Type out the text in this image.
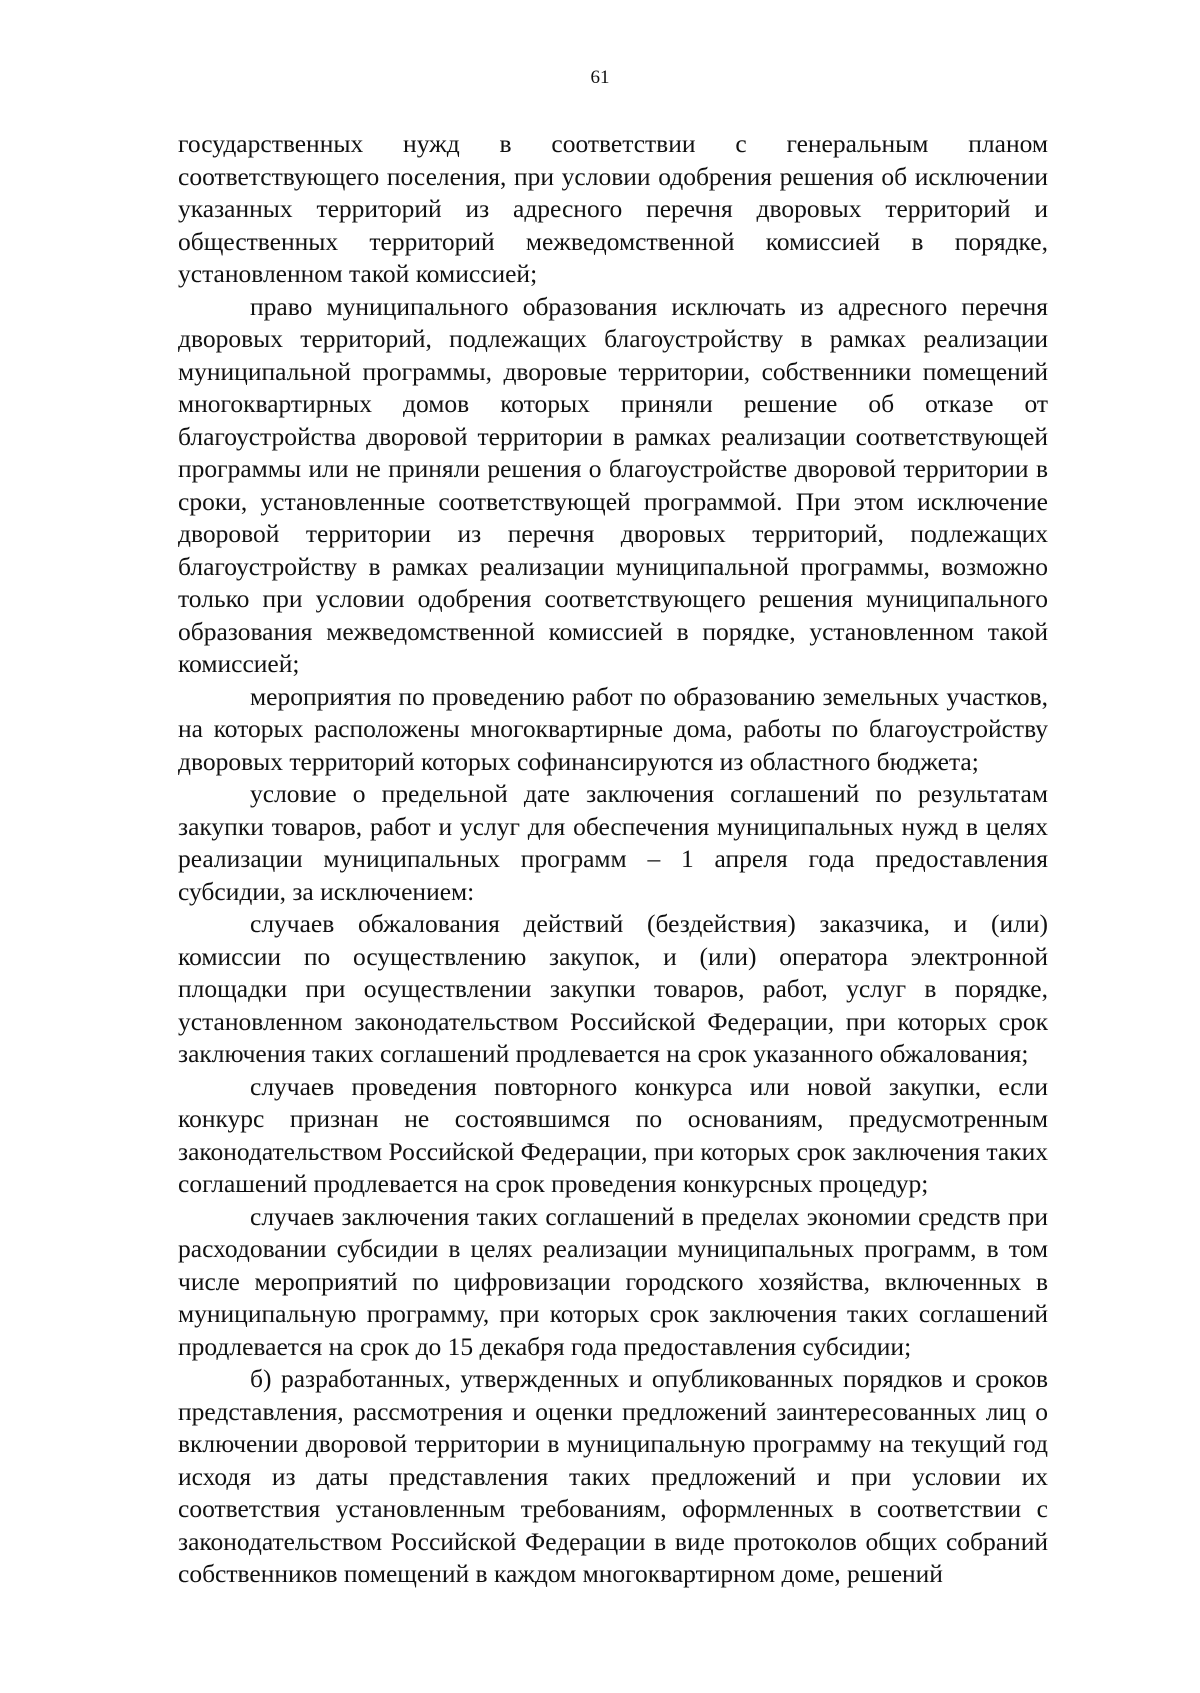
61

государственных нужд в соответствии с генеральным планом соответствующего поселения, при условии одобрения решения об исключении указанных территорий из адресного перечня дворовых территорий и общественных территорий межведомственной комиссией в порядке, установленном такой комиссией;

право муниципального образования исключать из адресного перечня дворовых территорий, подлежащих благоустройству в рамках реализации муниципальной программы, дворовые территории, собственники помещений многоквартирных домов которых приняли решение об отказе от благоустройства дворовой территории в рамках реализации соответствующей программы или не приняли решения о благоустройстве дворовой территории в сроки, установленные соответствующей программой. При этом исключение дворовой территории из перечня дворовых территорий, подлежащих благоустройству в рамках реализации муниципальной программы, возможно только при условии одобрения соответствующего решения муниципального образования межведомственной комиссией в порядке, установленном такой комиссией;

мероприятия по проведению работ по образованию земельных участков, на которых расположены многоквартирные дома, работы по благоустройству дворовых территорий которых софинансируются из областного бюджета;

условие о предельной дате заключения соглашений по результатам закупки товаров, работ и услуг для обеспечения муниципальных нужд в целях реализации муниципальных программ – 1 апреля года предоставления субсидии, за исключением:

случаев обжалования действий (бездействия) заказчика, и (или) комиссии по осуществлению закупок, и (или) оператора электронной площадки при осуществлении закупки товаров, работ, услуг в порядке, установленном законодательством Российской Федерации, при которых срок заключения таких соглашений продлевается на срок указанного обжалования;

случаев проведения повторного конкурса или новой закупки, если конкурс признан не состоявшимся по основаниям, предусмотренным законодательством Российской Федерации, при которых срок заключения таких соглашений продлевается на срок проведения конкурсных процедур;

случаев заключения таких соглашений в пределах экономии средств при расходовании субсидии в целях реализации муниципальных программ, в том числе мероприятий по цифровизации городского хозяйства, включенных в муниципальную программу, при которых срок заключения таких соглашений продлевается на срок до 15 декабря года предоставления субсидии;

б) разработанных, утвержденных и опубликованных порядков и сроков представления, рассмотрения и оценки предложений заинтересованных лиц о включении дворовой территории в муниципальную программу на текущий год исходя из даты представления таких предложений и при условии их соответствия установленным требованиям, оформленных в соответствии с законодательством Российской Федерации в виде протоколов общих собраний собственников помещений в каждом многоквартирном доме, решений
